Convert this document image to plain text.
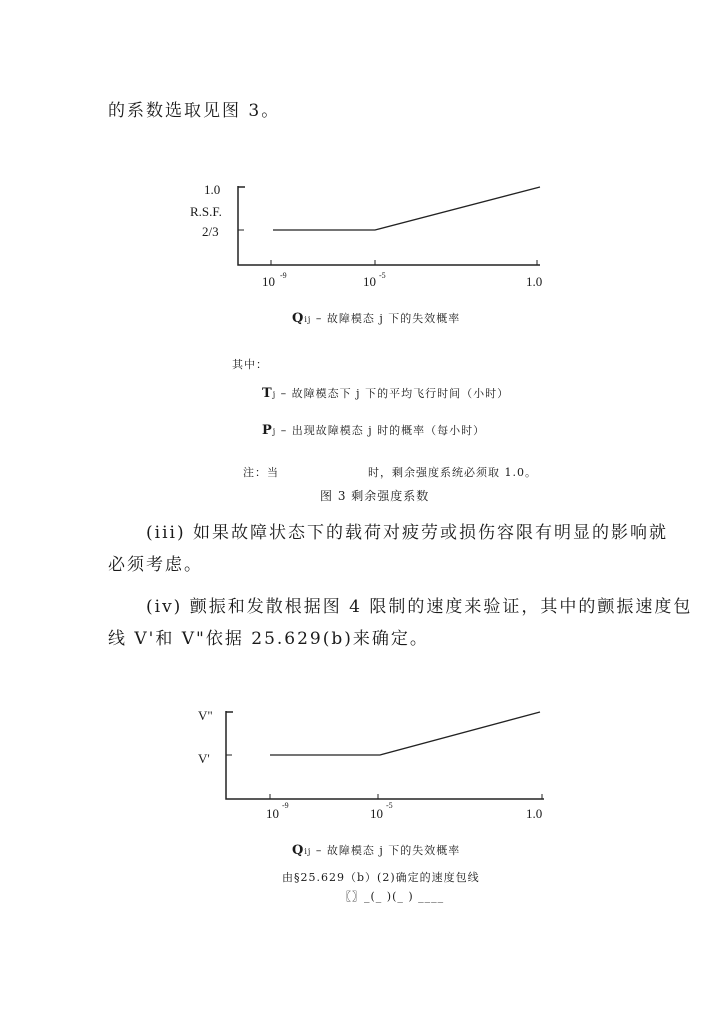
的系数选取见图 3。
1.0
R.S.F.
2/3
10 -9	10 -5	1.0
Qij – 故障模态 j 下的失效概率
其中：
Tj – 故障模态下 j 下的平均飞行时间（小时）
Pj – 出现故障模态 j 时的概率（每小时）
注：当	时，剩余强度系统必须取 1.0。
图 3 剩余强度系数
(iii) 如果故障状态下的载荷对疲劳或损伤容限有明显的影响就
必须考虑。
(iv) 颤振和发散根据图 4 限制的速度来验证，其中的颤振速度包
线 V'和 V"依据 25.629(b)来确定。
V"
V'
10
-9
10
-5
1.0
Qij – 故障模态 j 下的失效概率
由§25.629（b）(2)确定的速度包线
〖〗_(_ )(_ ) ____
